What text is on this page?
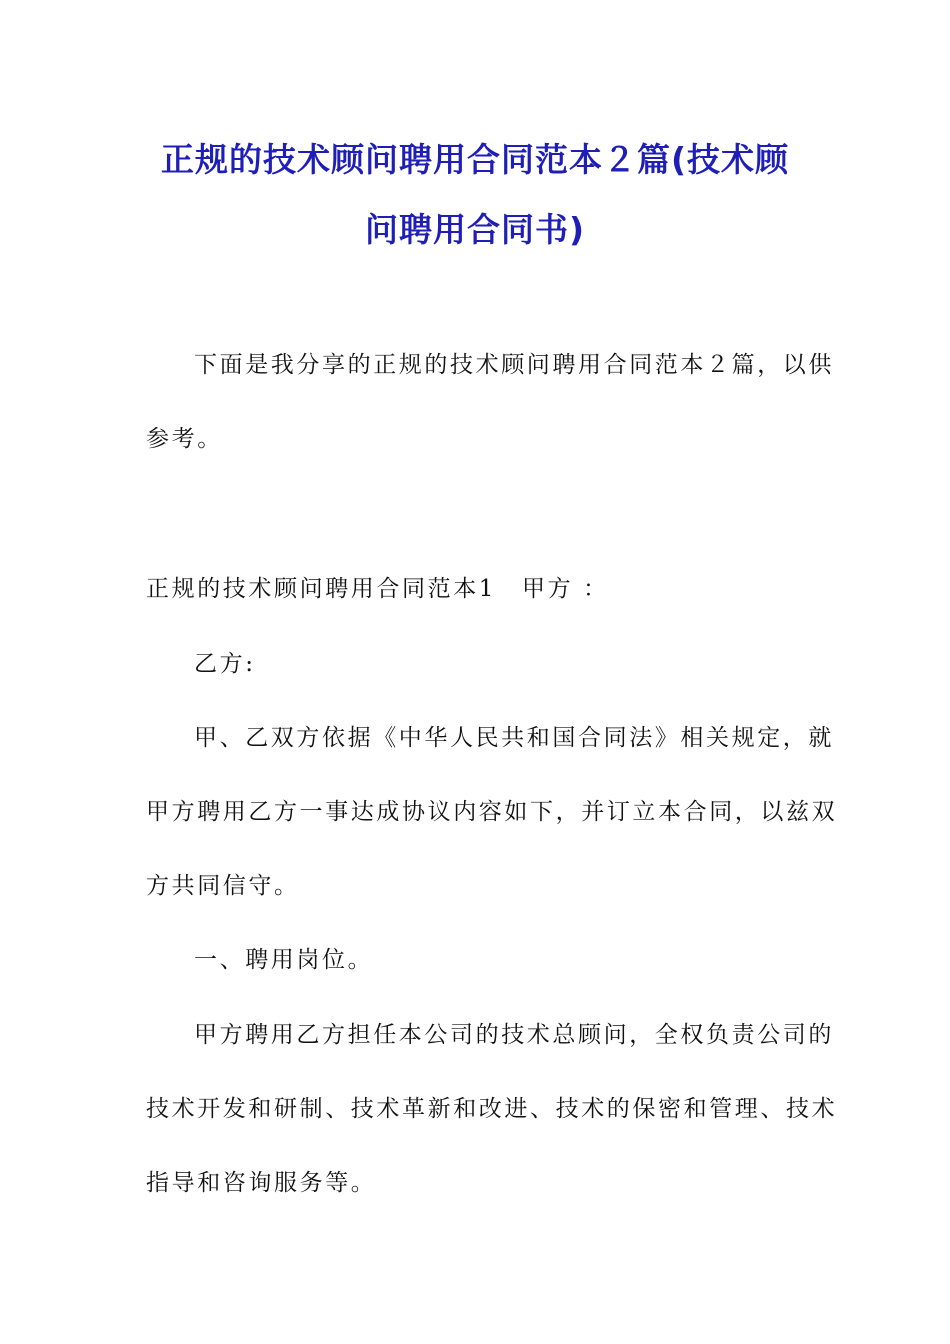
正规的技术顾问聘用合同范本２篇(技术顾
问聘用合同书)
下面是我分享的正规的技术顾问聘用合同范本２篇，以供
参考。
正规的技术顾问聘用合同范本1 甲方 ：
乙方:
甲、乙双方依据《中华人民共和国合同法》相关规定，就
甲方聘用乙方一事达成协议内容如下，并订立本合同，以兹双
方共同信守。
一、聘用岗位。
甲方聘用乙方担任本公司的技术总顾问，全权负责公司的
技术开发和研制、技术革新和改进、技术的保密和管理、技术
指导和咨询服务等。
